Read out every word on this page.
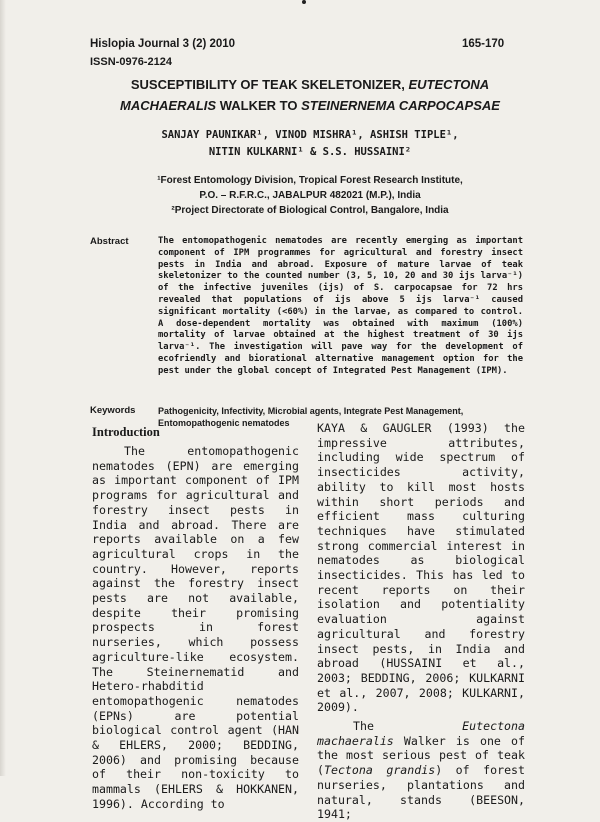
Hislopia Journal 3 (2) 2010
ISSN-0976-2124
165-170
SUSCEPTIBILITY OF TEAK SKELETONIZER, EUTECTONA
MACHAERALIS WALKER TO STEINERNEMA CARPOCAPSAE
SANJAY PAUNIKAR¹, VINOD MISHRA¹, ASHISH TIPLE¹,
NITIN KULKARNI¹ & S.S. HUSSAINI²
¹Forest Entomology Division, Tropical Forest Research Institute,
P.O. – R.F.R.C., JABALPUR 482021 (M.P.), India
²Project Directorate of Biological Control, Bangalore, India
Abstract	The entomopathogenic nematodes are recently emerging as important component of IPM programmes for agricultural and forestry insect pests in India and abroad. Exposure of mature larvae of teak skeletonizer to the counted number (3, 5, 10, 20 and 30 ijs larva⁻¹) of the infective juveniles (ijs) of S. carpocapsae for 72 hrs revealed that populations of ijs above 5 ijs larva⁻¹ caused significant mortality (<60%) in the larvae, as compared to control. A dose-dependent mortality was obtained with maximum (100%) mortality of larvae obtained at the highest treatment of 30 ijs larva⁻¹. The investigation will pave way for the development of ecofriendly and biorational alternative management option for the pest under the global concept of Integrated Pest Management (IPM).
Keywords	Pathogenicity, Infectivity, Microbial agents, Integrate Pest Management, Entomopathogenic nematodes
Introduction

The entomopathogenic nematodes (EPN) are emerging as important component of IPM programs for agricultural and forestry insect pests in India and abroad. There are reports available on a few agricultural crops in the country. However, reports against the forestry insect pests are not available, despite their promising prospects in forest nurseries, which possess agriculture-like ecosystem. The Steinernematid and Hetero-rhabditid entomopathogenic nematodes (EPNs) are potential biological control agent (HAN & EHLERS, 2000; BEDDING, 2006) and promising because of their non-toxicity to mammals (EHLERS & HOKKANEN, 1996). According to

KAYA & GAUGLER (1993) the impressive attributes, including wide spectrum of insecticides activity, ability to kill most hosts within short periods and efficient mass culturing techniques have stimulated strong commercial interest in nematodes as biological insecticides. This has led to recent reports on their isolation and potentiality evaluation against agricultural and forestry insect pests, in India and abroad (HUSSAINI et al., 2003; BEDDING, 2006; KULKARNI et al., 2007, 2008; KULKARNI, 2009).

The Eutectona machaeralis Walker is one of the most serious pest of teak (Tectona grandis) of forest nurseries, plantations and natural, stands (BEESON, 1941;
